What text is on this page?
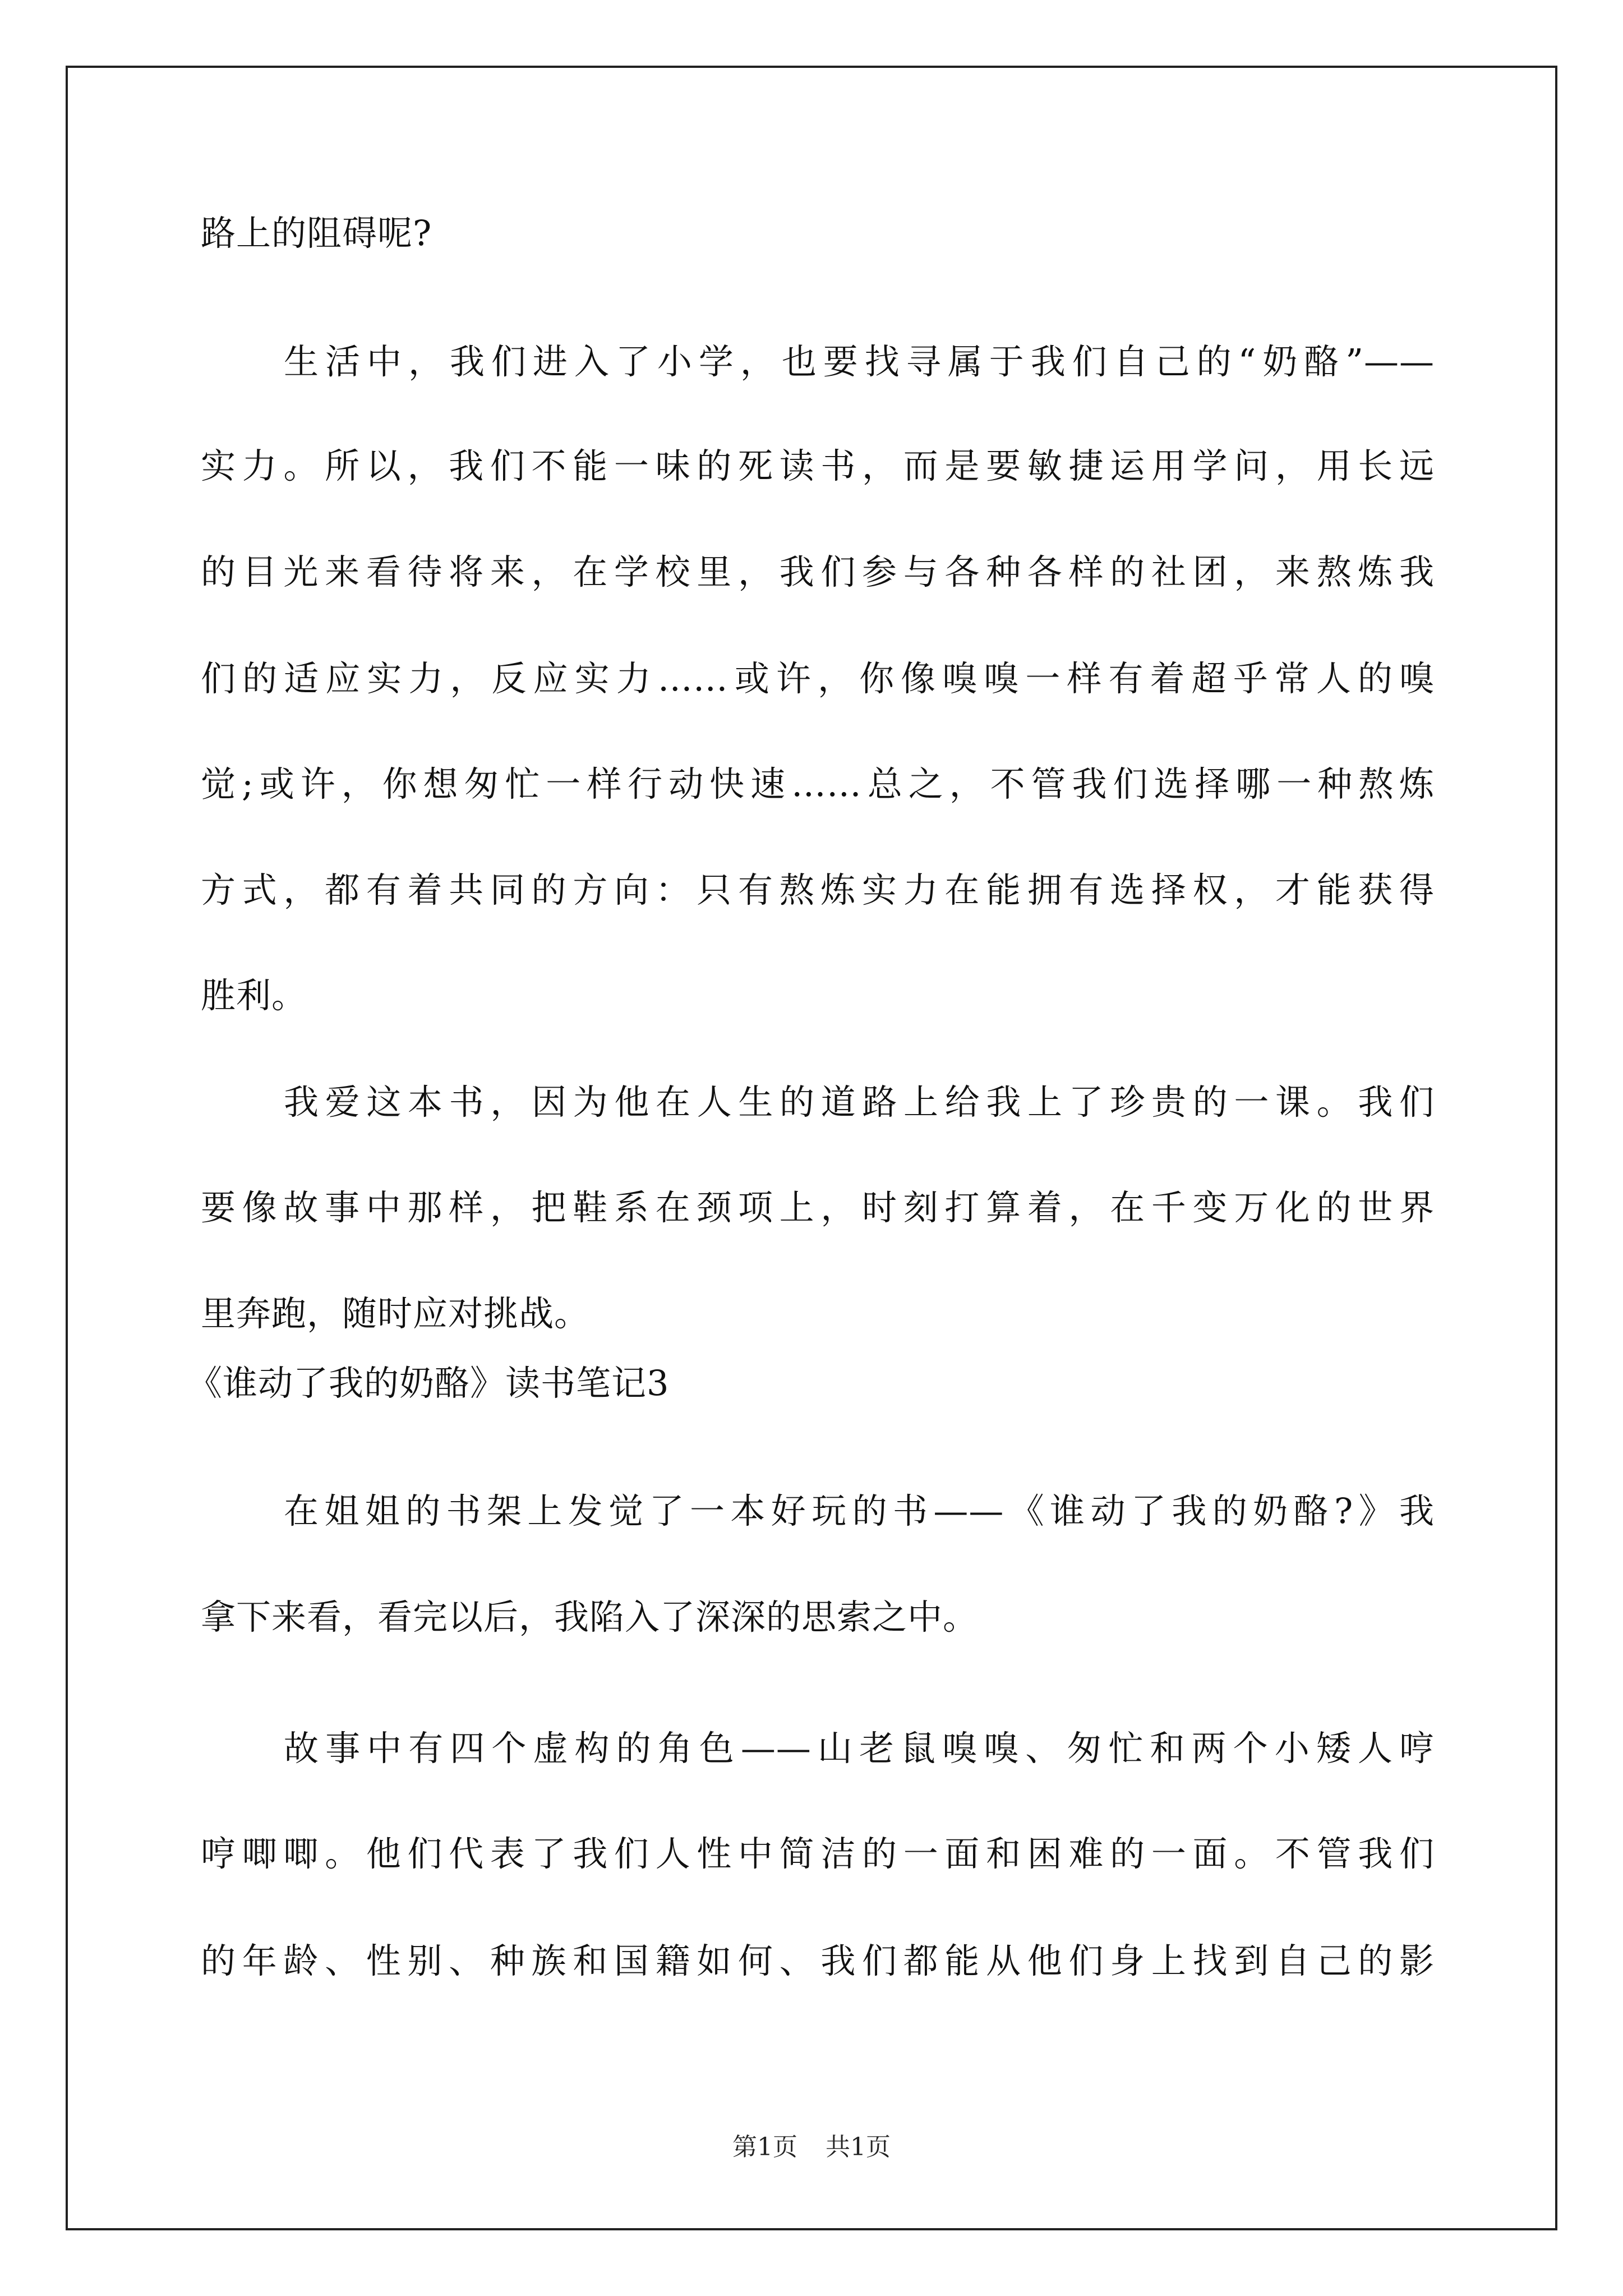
路上的阻碍呢?
生活中，我们进入了小学，也要找寻属于我们自己的“奶酪”——
实力。所以，我们不能一味的死读书，而是要敏捷运用学问，用长远
的目光来看待将来，在学校里，我们参与各种各样的社团，来熬炼我
们的适应实力，反应实力……或许，你像嗅嗅一样有着超乎常人的嗅
觉;或许，你想匆忙一样行动快速……总之，不管我们选择哪一种熬炼
方式，都有着共同的方向：只有熬炼实力在能拥有选择权，才能获得
胜利。
我爱这本书，因为他在人生的道路上给我上了珍贵的一课。我们
要像故事中那样，把鞋系在颈项上，时刻打算着，在千变万化的世界
里奔跑，随时应对挑战。
《谁动了我的奶酪》读书笔记3
在姐姐的书架上发觉了一本好玩的书——《谁动了我的奶酪?》我
拿下来看，看完以后，我陷入了深深的思索之中。
故事中有四个虚构的角色——山老鼠嗅嗅、匆忙和两个小矮人哼
哼唧唧。他们代表了我们人性中简洁的一面和困难的一面。不管我们
的年龄、性别、种族和国籍如何、我们都能从他们身上找到自己的影
第1页 共1页
